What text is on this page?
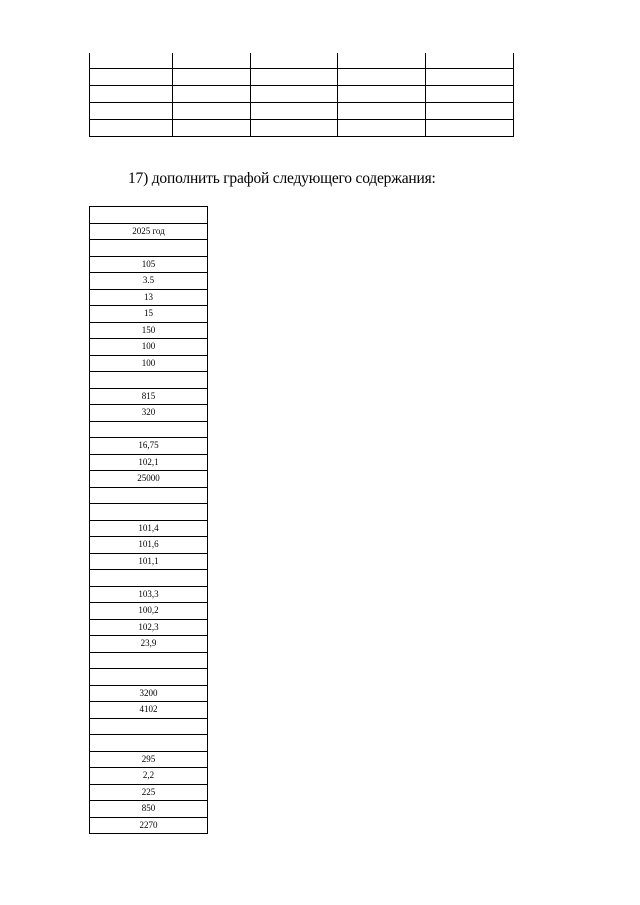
17) дополнить графой следующего содержания:

2025 год

105
3.5
13
15
150
100
100

815
320

16,75
102,1
25000

101,4
101,6
101,1

103,3
100,2
102,3
23,9

3200
4102

295
2,2
225
850
2270
